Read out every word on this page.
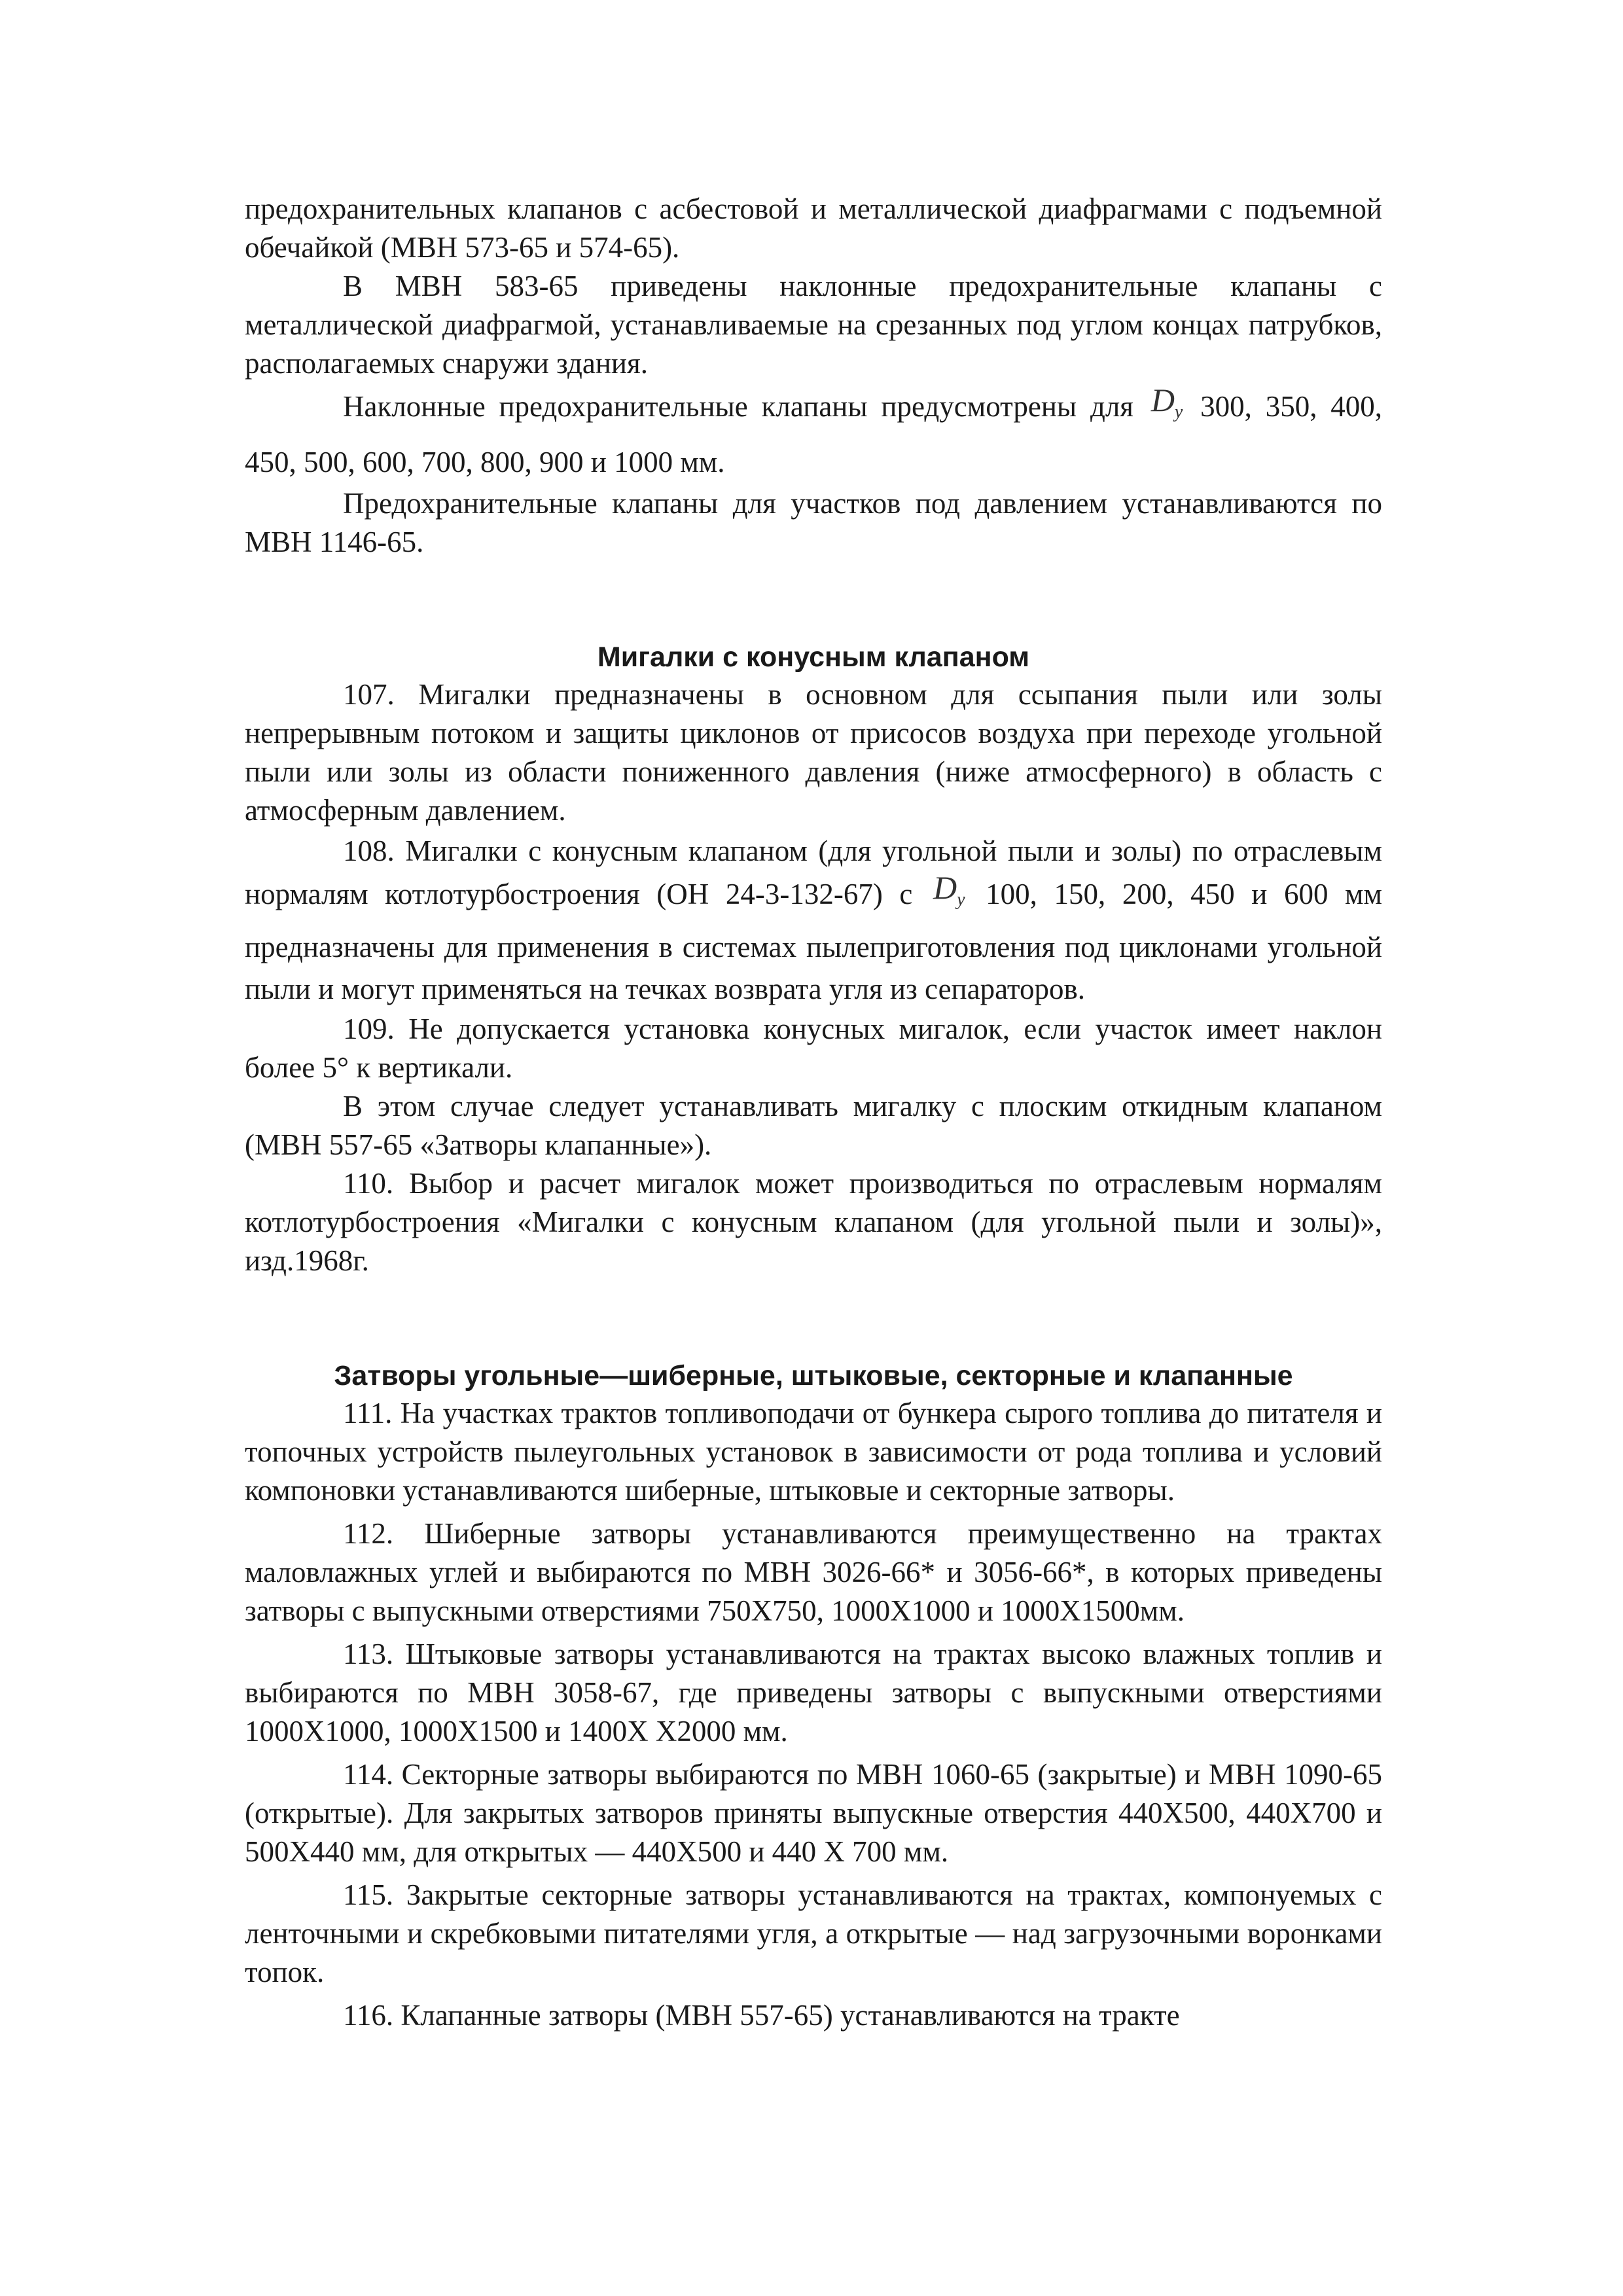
предохранительных клапанов с асбестовой и металлической диафрагмами с подъемной обечайкой (МВН 573-65 и 574-65).

В МВН 583-65 приведены наклонные предохранительные клапаны с металлической диафрагмой, устанавливаемые на срезанных под углом концах патрубков, располагаемых снаружи здания.

Наклонные предохранительные клапаны предусмотрены для $D_у$ 300, 350, 400, 450, 500, 600, 700, 800, 900 и 1000 мм.

Предохранительные клапаны для участков под давлением устанавливаются по МВН 1146-65.

Мигалки с конусным клапаном

107. Мигалки предназначены в основном для ссыпания пыли или золы непрерывным потоком и защиты циклонов от присосов воздуха при переходе угольной пыли или золы из области пониженного давления (ниже атмосферного) в область с атмосферным давлением.

108. Мигалки с конусным клапаном (для угольной пыли и золы) по отраслевым нормалям котлотурбостроения (ОН 24-3-132-67) с $D_у$ 100, 150, 200, 450 и 600 мм предназначены для применения в системах пылеприготовления под циклонами угольной пыли и могут применяться на течках возврата угля из сепараторов.

109. Не допускается установка конусных мигалок, если участок имеет наклон более 5° к вертикали.

В этом случае следует устанавливать мигалку с плоским откидным клапаном (МВН 557-65 «Затворы клапанные»).

110. Выбор и расчет мигалок может производиться по отраслевым нормалям котлотурбостроения «Мигалки с конусным клапаном (для угольной пыли и золы)», изд.1968г.

Затворы угольные—шиберные, штыковые, секторные и клапанные

111. На участках трактов топливоподачи от бункера сырого топлива до питателя и топочных устройств пылеугольных установок в зависимости от рода топлива и условий компоновки устанавливаются шиберные, штыковые и секторные затворы.

112. Шиберные затворы устанавливаются преимущественно на трактах маловлажных углей и выбираются по МВН 3026-66* и 3056-66*, в которых приведены затворы с выпускными отверстиями 750Х750, 1000Х1000 и 1000Х1500мм.

113. Штыковые затворы устанавливаются на трактах высоко влажных топлив и выбираются по МВН 3058-67, где приведены затворы с выпускными отверстиями 1000Х1000, 1000Х1500 и 1400Х Х2000 мм.

114. Секторные затворы выбираются по МВН 1060-65 (закрытые) и МВН 1090-65 (открытые). Для закрытых затворов приняты выпускные отверстия 440Х500, 440Х700 и 500Х440 мм, для открытых — 440Х500 и 440 Х 700 мм.

115. Закрытые секторные затворы устанавливаются на трактах, компонуемых с ленточными и скребковыми питателями угля, а открытые — над загрузочными воронками топок.

116. Клапанные затворы (МВН 557-65) устанавливаются на тракте
